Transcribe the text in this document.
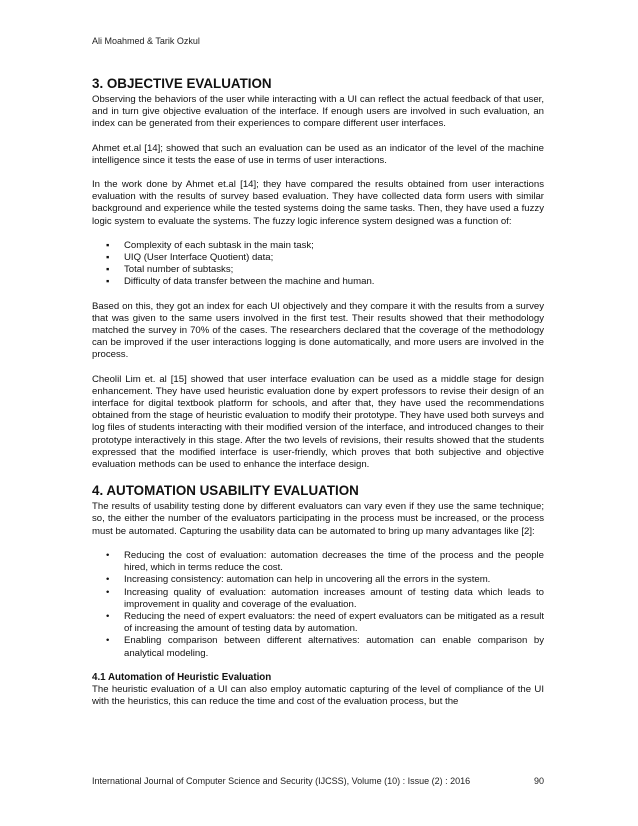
Ali Moahmed & Tarik Ozkul
3. OBJECTIVE EVALUATION

Observing the behaviors of the user while interacting with a UI can reflect the actual feedback of that user, and in turn give objective evaluation of the interface. If enough users are involved in such evaluation, an index can be generated from their experiences to compare different user interfaces.

Ahmet et.al [14]; showed that such an evaluation can be used as an indicator of the level of the machine intelligence since it tests the ease of use in terms of user interactions.

In the work done by Ahmet et.al [14]; they have compared the results obtained from user interactions evaluation with the results of survey based evaluation. They have collected data form users with similar background and experience while the tested systems doing the same tasks. Then, they have used a fuzzy logic system to evaluate the systems. The fuzzy logic inference system designed was a function of:

▪ Complexity of each subtask in the main task;
▪ UIQ (User Interface Quotient) data;
▪ Total number of subtasks;
▪ Difficulty of data transfer between the machine and human.

Based on this, they got an index for each UI objectively and they compare it with the results from a survey that was given to the same users involved in the first test. Their results showed that their methodology matched the survey in 70% of the cases. The researchers declared that the coverage of the methodology can be improved if the user interactions logging is done automatically, and more users are involved in the process.

Cheolil Lim et. al [15] showed that user interface evaluation can be used as a middle stage for design enhancement. They have used heuristic evaluation done by expert professors to revise their design of an interface for digital textbook platform for schools, and after that, they have used the recommendations obtained from the stage of heuristic evaluation to modify their prototype. They have used both surveys and log files of students interacting with their modified version of the interface, and introduced changes to their prototype interactively in this stage. After the two levels of revisions, their results showed that the students expressed that the modified interface is user-friendly, which proves that both subjective and objective evaluation methods can be used to enhance the interface design.

4. AUTOMATION USABILITY EVALUATION

The results of usability testing done by different evaluators can vary even if they use the same technique; so, the either the number of the evaluators participating in the process must be increased, or the process must be automated. Capturing the usability data can be automated to bring up many advantages like [2]:

• Reducing the cost of evaluation: automation decreases the time of the process and the people hired, which in terms reduce the cost.
• Increasing consistency: automation can help in uncovering all the errors in the system.
• Increasing quality of evaluation: automation increases amount of testing data which leads to improvement in quality and coverage of the evaluation.
• Reducing the need of expert evaluators: the need of expert evaluators can be mitigated as a result of increasing the amount of testing data by automation.
• Enabling comparison between different alternatives: automation can enable comparison by analytical modeling.
4.1 Automation of Heuristic Evaluation

The heuristic evaluation of a UI can also employ automatic capturing of the level of compliance of the UI with the heuristics, this can reduce the time and cost of the evaluation process, but the

International Journal of Computer Science and Security (IJCSS), Volume (10) : Issue (2) : 2016	90
